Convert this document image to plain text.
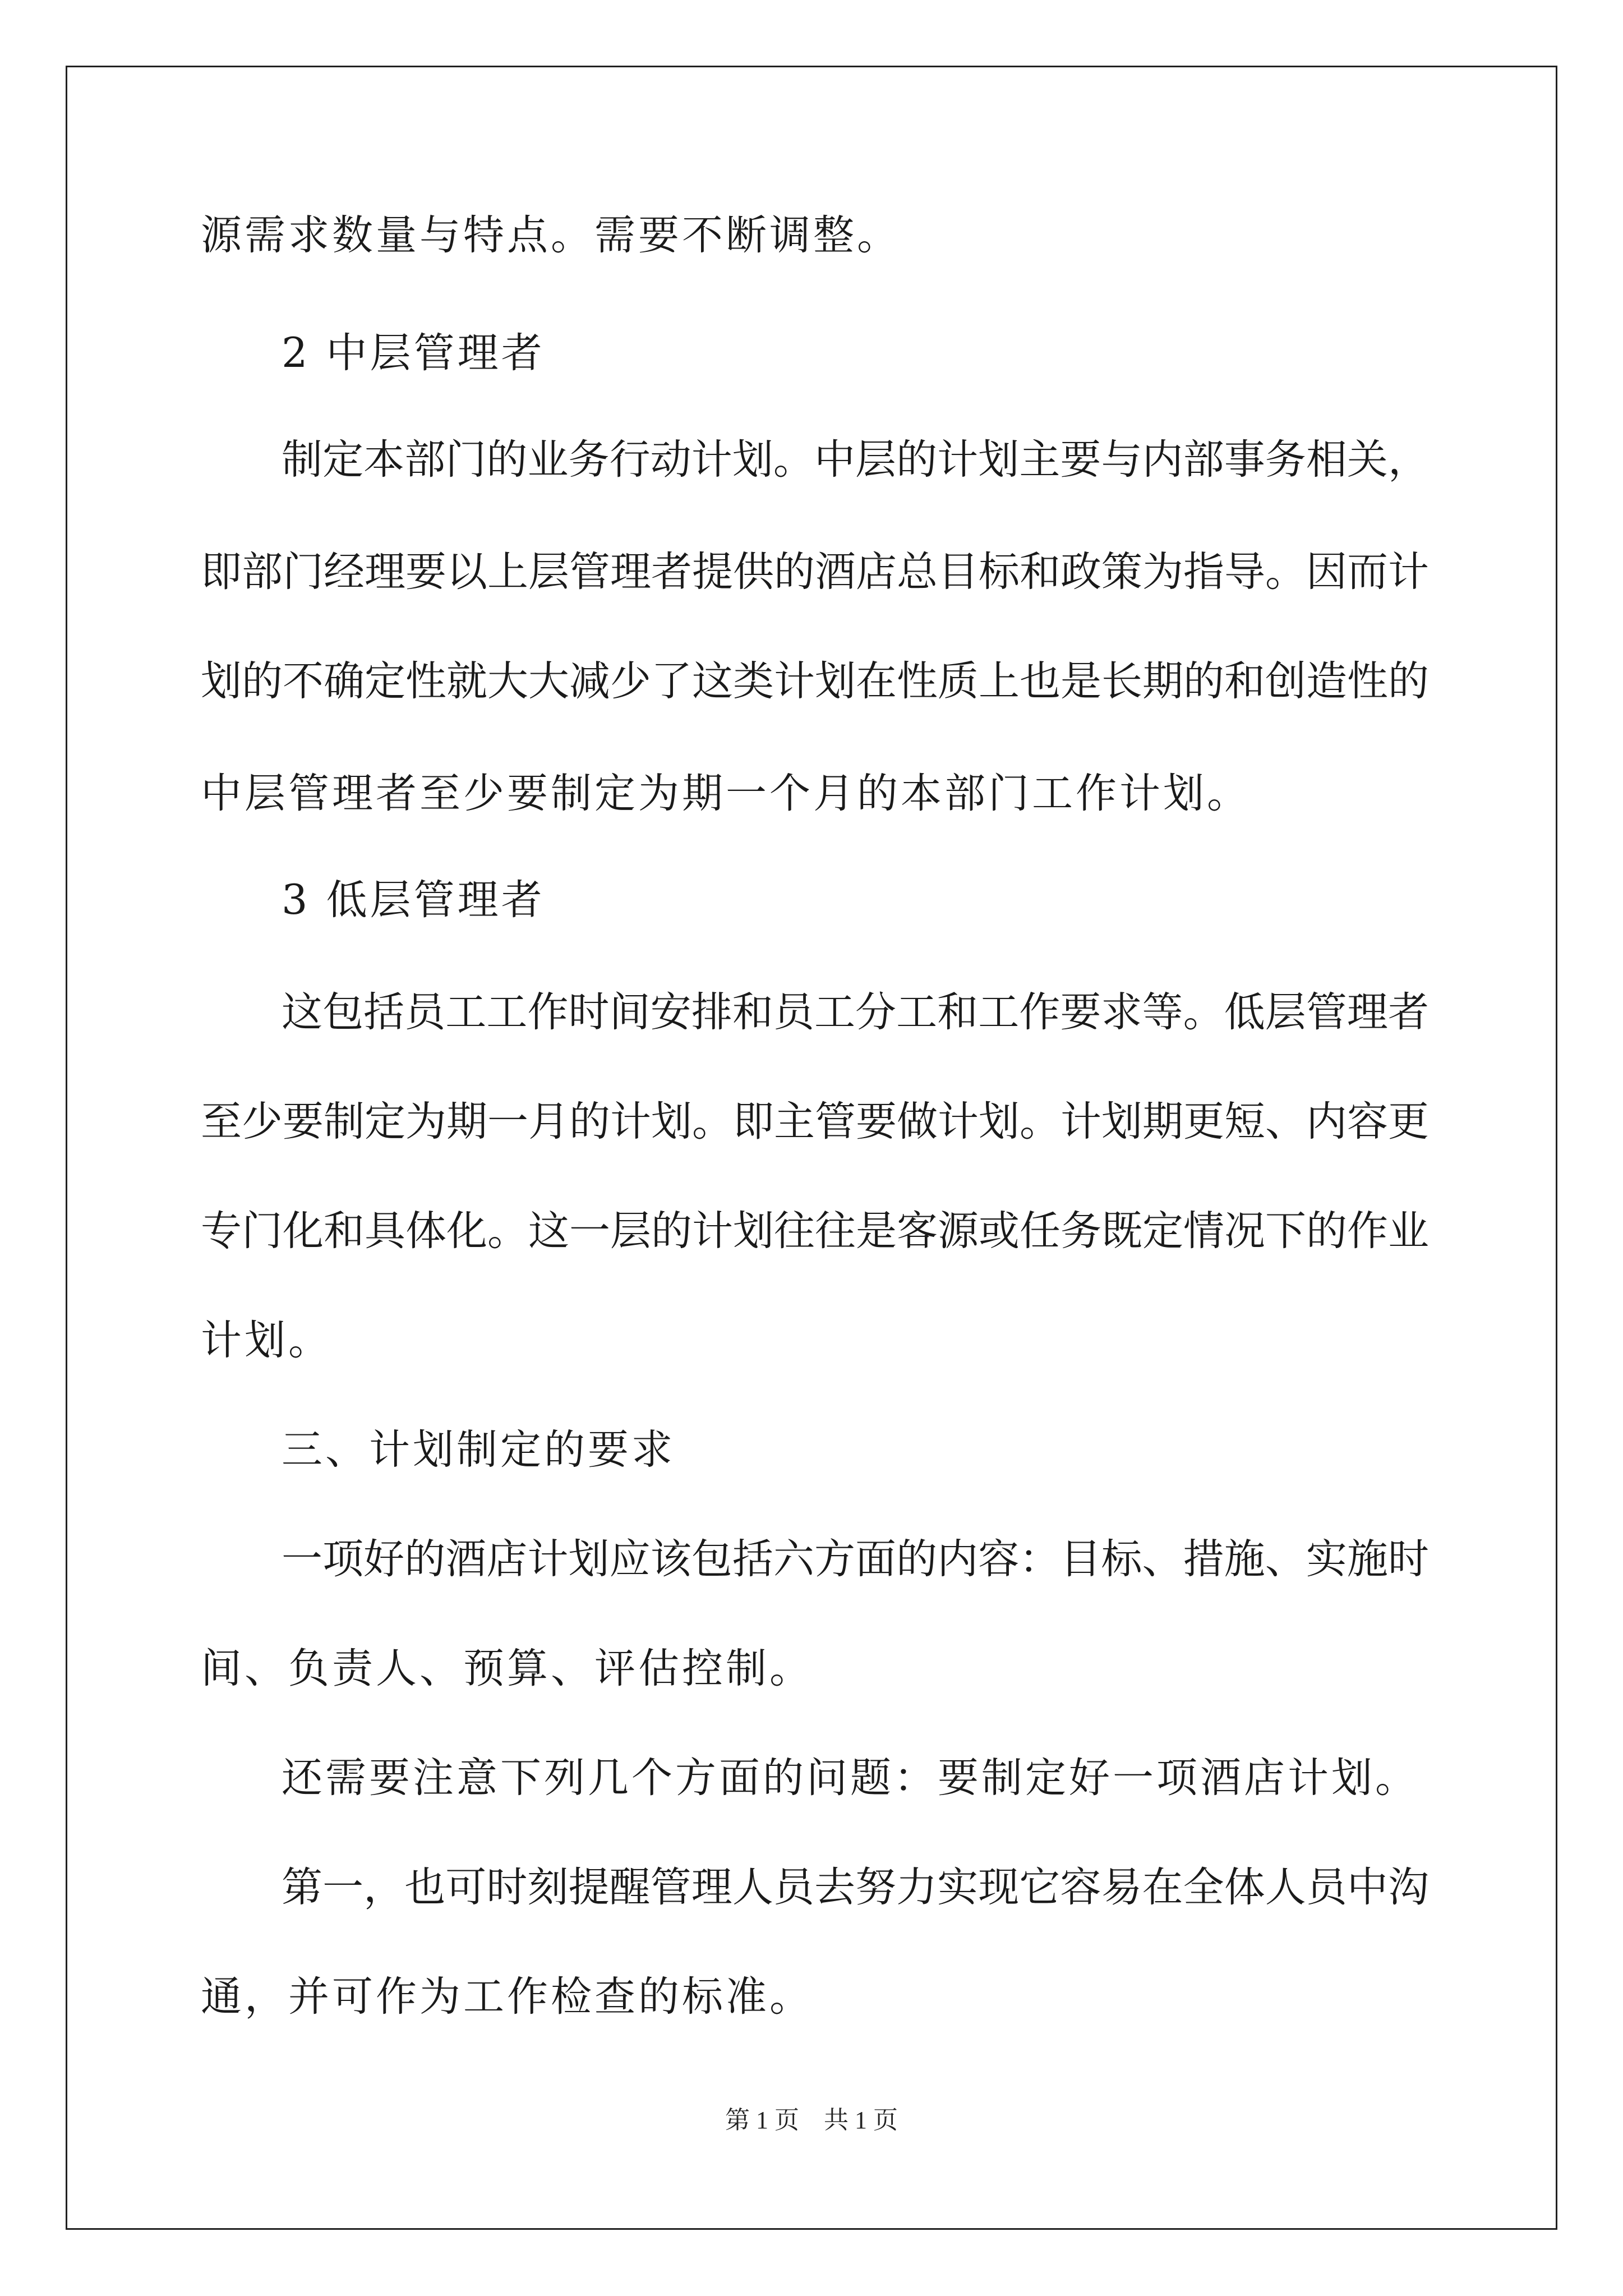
源需求数量与特点。需要不断调整。
2 中层管理者
制定本部门的业务行动计划。中层的计划主要与内部事务相关，
即部门经理要以上层管理者提供的酒店总目标和政策为指导。因而计
划的不确定性就大大减少了这类计划在性质上也是长期的和创造性的
中层管理者至少要制定为期一个月的本部门工作计划。
3 低层管理者
这包括员工工作时间安排和员工分工和工作要求等。低层管理者
至少要制定为期一月的计划。即主管要做计划。计划期更短、内容更
专门化和具体化。这一层的计划往往是客源或任务既定情况下的作业
计划。
三、计划制定的要求
一项好的酒店计划应该包括六方面的内容：目标、措施、实施时
间、负责人、预算、评估控制。
还需要注意下列几个方面的问题：要制定好一项酒店计划。
第一，也可时刻提醒管理人员去努力实现它容易在全体人员中沟
通，并可作为工作检查的标准。
第 1 页　共 1 页
